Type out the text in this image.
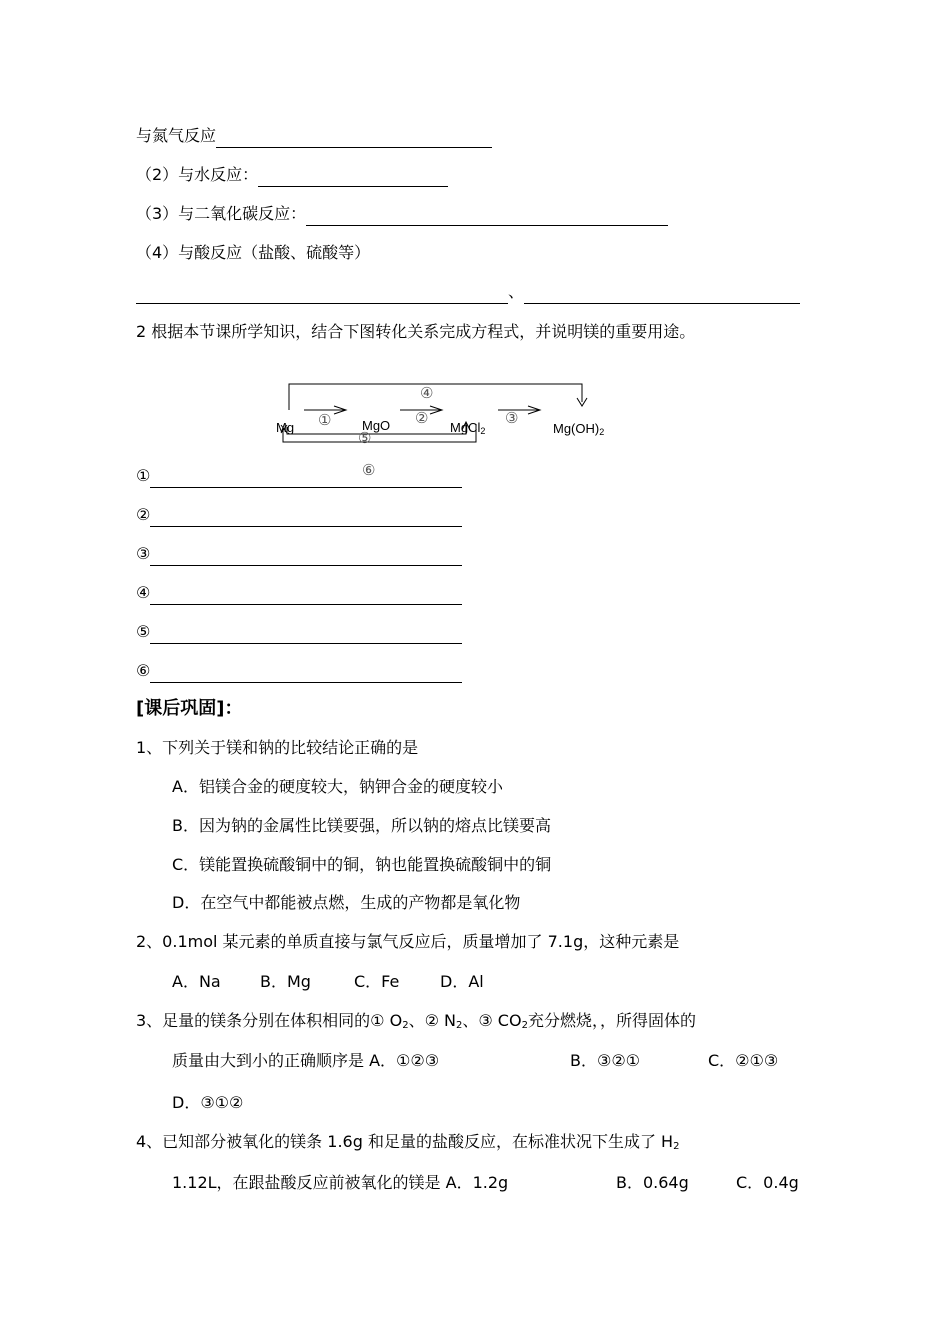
与氮气反应
（2）与水反应：
（3）与二氧化碳反应：
（4）与酸反应（盐酸、硫酸等）
、
2 根据本节课所学知识，结合下图转化关系完成方程式，并说明镁的重要用途。
Mg	MgO	MgCl2	Mg(OH)2
④
①	②	③
⑤
⑥
①
②
③
④
⑤
⑥
[课后巩固]：
1、下列关于镁和钠的比较结论正确的是
A．铝镁合金的硬度较大，钠钾合金的硬度较小
B．因为钠的金属性比镁要强，所以钠的熔点比镁要高
C．镁能置换硫酸铜中的铜，钠也能置换硫酸铜中的铜
D．在空气中都能被点燃，生成的产物都是氧化物
2、0.1mol 某元素的单质直接与氯气反应后，质量增加了 7.1g，这种元素是
A．Na B．Mg	C．Fe	D．Al
3、足量的镁条分别在体积相同的① $O_2$、② $N_2$、③ $CO_2$充分燃烧，，所得固体的
质量由大到小的正确顺序是 A．①②③	B．③②①	C．②①③
D．③①②
4、已知部分被氧化的镁条 1.6g 和足量的盐酸反应，在标准状况下生成了 $H_2$
1.12L，在跟盐酸反应前被氧化的镁是 A．1.2g	B．0.64g	C．0.4g
